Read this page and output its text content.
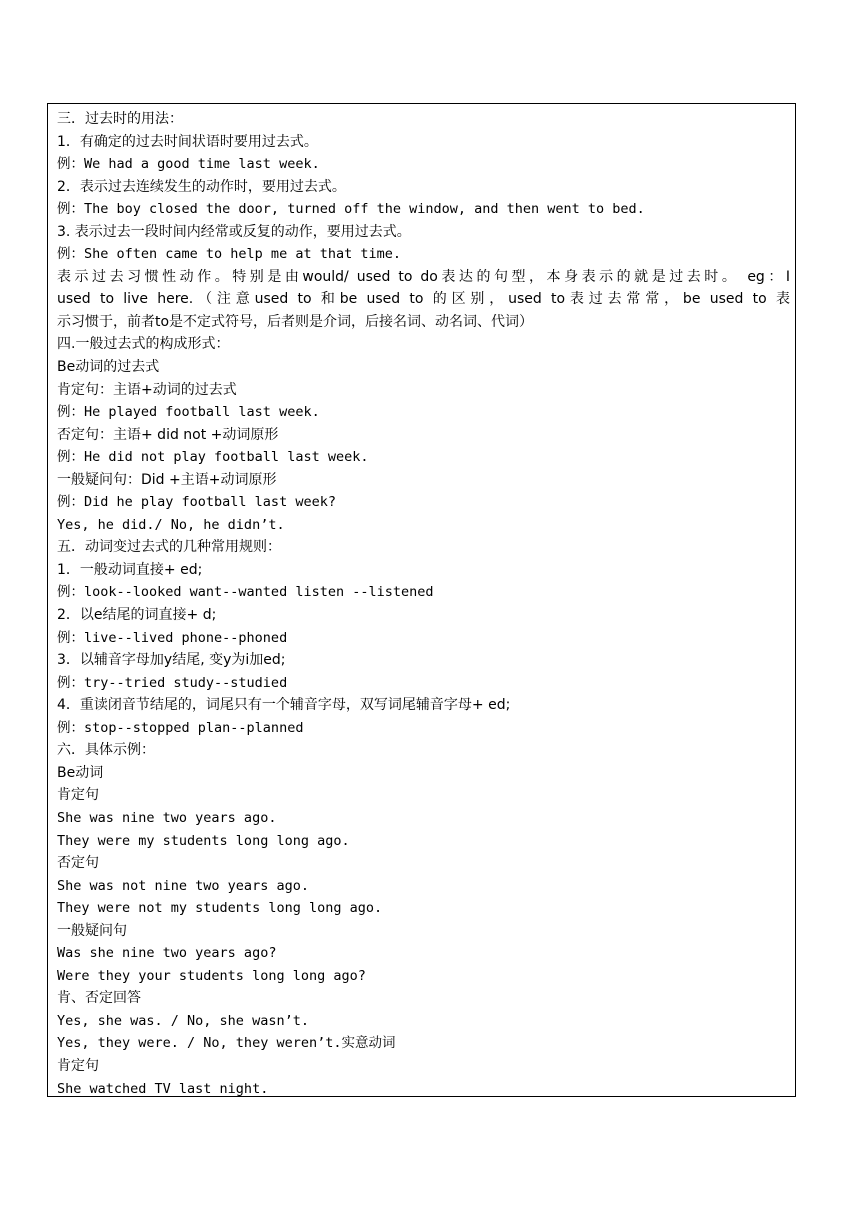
三．过去时的用法：
1．有确定的过去时间状语时要用过去式。
例：We had a good time last week.
2．表示过去连续发生的动作时，要用过去式。
例：The boy closed the door, turned off the window, and then went to bed.
3. 表示过去一段时间内经常或反复的动作，要用过去式。
例：She often came to help me at that time.
表示过去习惯性动作。特别是由would/ used to do表达的句型，本身表示的就是过去时。 eg：I
used to live here.（注意used to 和be used to 的区别，used to表过去常常，be used to 表
示习惯于，前者to是不定式符号，后者则是介词，后接名词、动名词、代词）
四.一般过去式的构成形式：
Be动词的过去式
肯定句：主语+动词的过去式
例：He played football last week.
否定句：主语+ did not +动词原形
例：He did not play football last week.
一般疑问句：Did +主语+动词原形
例：Did he play football last week?
Yes, he did./ No, he didn’t.
五．动词变过去式的几种常用规则：
1．一般动词直接+ ed;
例：look--looked want--wanted listen --listened
2．以e结尾的词直接+ d;
例：live--lived phone--phoned
3．以辅音字母加y结尾, 变y为i加ed;
例：try--tried study--studied
4．重读闭音节结尾的，词尾只有一个辅音字母，双写词尾辅音字母+ ed;
例：stop--stopped plan--planned
六．具体示例：
Be动词
肯定句
She was nine two years ago.
They were my students long long ago.
否定句
She was not nine two years ago.
They were not my students long long ago.
一般疑问句
Was she nine two years ago?
Were they your students long long ago?
肯、否定回答
Yes, she was. / No, she wasn’t.
Yes, they were. / No, they weren’t.实意动词
肯定句
She watched TV last night.
